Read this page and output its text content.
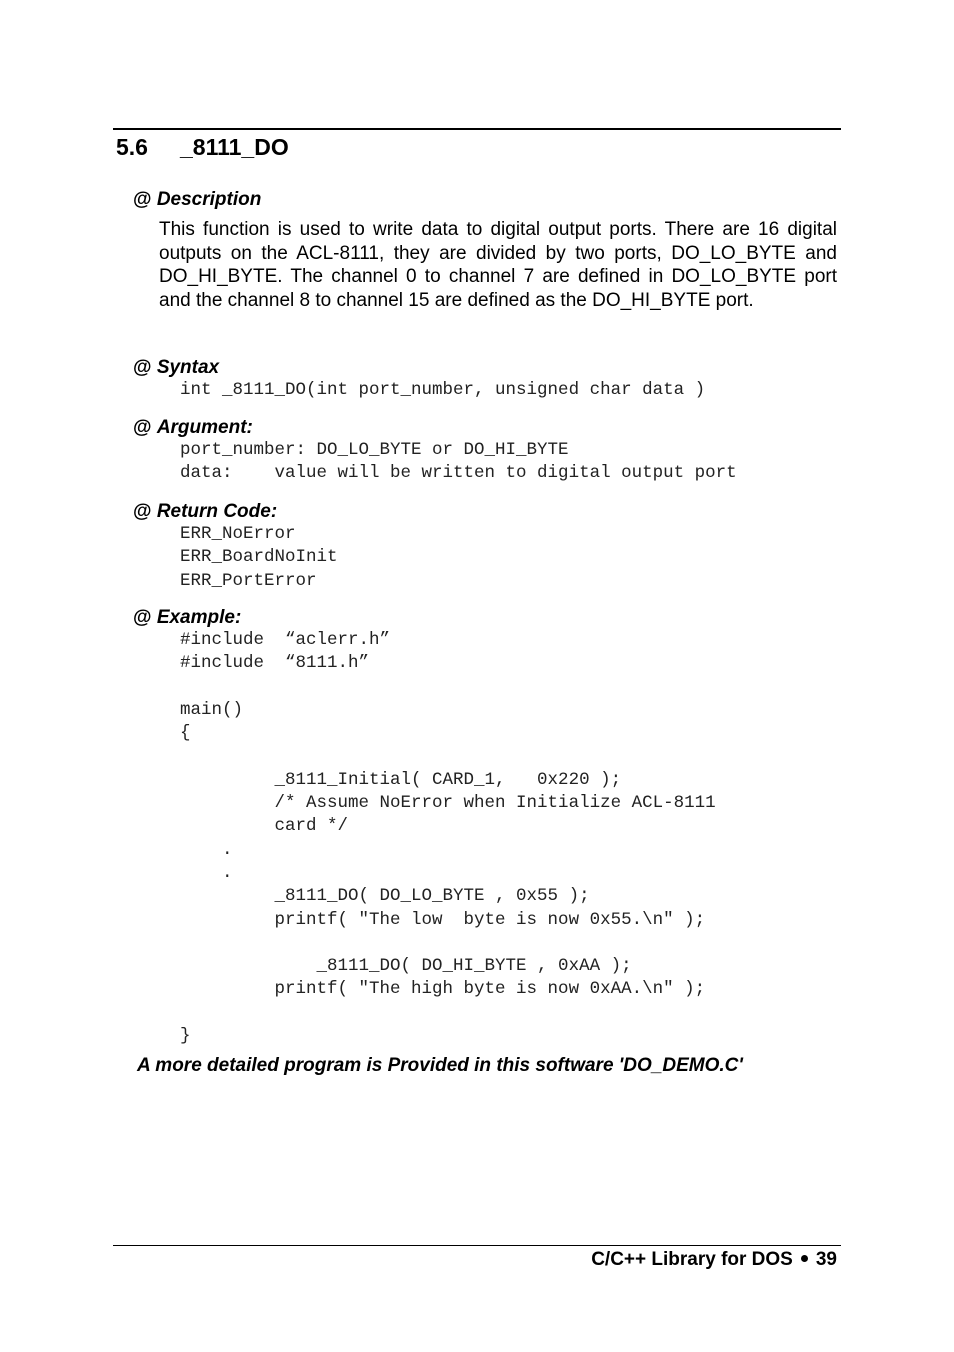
5.6 _8111_DO
@ Description
This function is used to write data to digital output ports. There are 16 digital outputs on the ACL-8111, they are divided by two ports, DO_LO_BYTE and DO_HI_BYTE. The channel 0 to channel 7 are defined in DO_LO_BYTE port and the channel 8 to channel 15 are defined as the DO_HI_BYTE port.
@ Syntax
int _8111_DO(int port_number, unsigned char data )
@ Argument:
port_number: DO_LO_BYTE or DO_HI_BYTE
data:    value will be written to digital output port
@ Return Code:
ERR_NoError
ERR_BoardNoInit
ERR_PortError
@ Example:
#include  “aclerr.h”
#include  “8111.h”

main()
{

_8111_Initial( CARD_1,   0x220 );
/* Assume NoError when Initialize ACL-8111
card */
.
.
_8111_DO( DO_LO_BYTE , 0x55 );
printf( "The low  byte is now 0x55.\n" );

_8111_DO( DO_HI_BYTE , 0xAA );
printf( "The high byte is now 0xAA.\n" );

}
A more detailed program is Provided in this software 'DO_DEMO.C'
C/C++ Library for DOS 39
